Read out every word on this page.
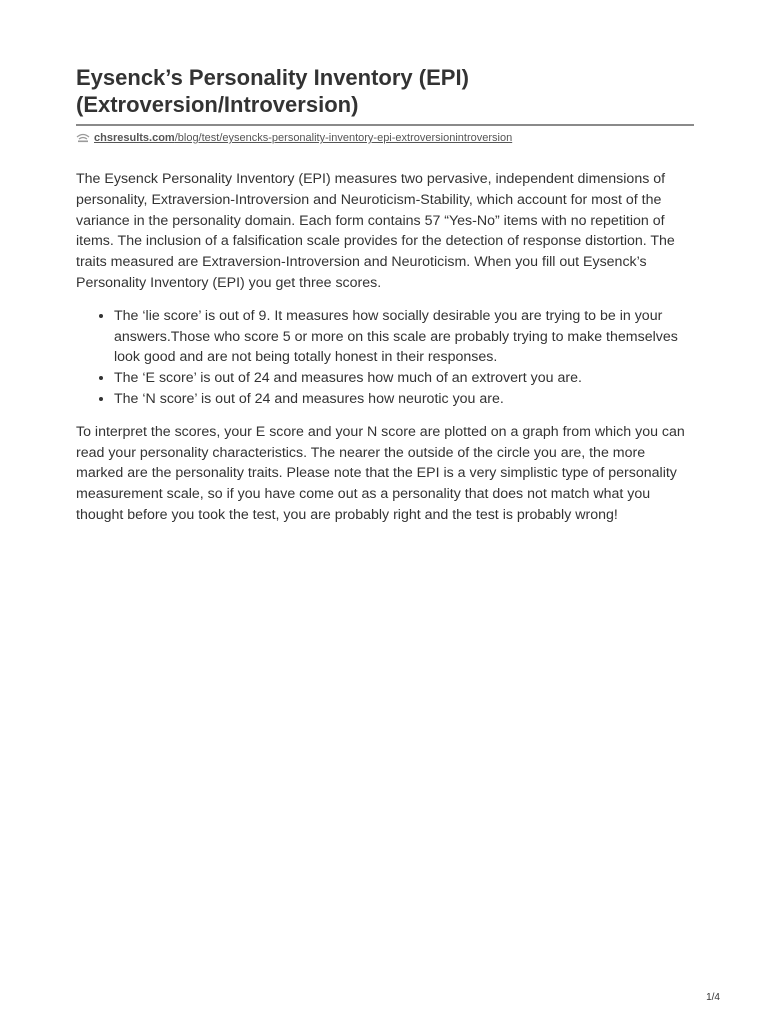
Eysenck’s Personality Inventory (EPI)
(Extroversion/Introversion)
chsresults.com/blog/test/eysencks-personality-inventory-epi-extroversionintroversion

The Eysenck Personality Inventory (EPI) measures two pervasive, independent dimensions of personality, Extraversion-Introversion and Neuroticism-Stability, which account for most of the variance in the personality domain. Each form contains 57 “Yes-No” items with no repetition of items. The inclusion of a falsification scale provides for the detection of response distortion. The traits measured are Extraversion-Introversion and Neuroticism. When you fill out Eysenck’s Personality Inventory (EPI) you get three scores.

• The ‘lie score’ is out of 9. It measures how socially desirable you are trying to be in your answers.Those who score 5 or more on this scale are probably trying to make themselves look good and are not being totally honest in their responses.
• The ‘E score’ is out of 24 and measures how much of an extrovert you are.
• The ‘N score’ is out of 24 and measures how neurotic you are.

To interpret the scores, your E score and your N score are plotted on a graph from which you can read your personality characteristics. The nearer the outside of the circle you are, the more marked are the personality traits. Please note that the EPI is a very simplistic type of personality measurement scale, so if you have come out as a personality that does not match what you thought before you took the test, you are probably right and the test is probably wrong!

1/4
